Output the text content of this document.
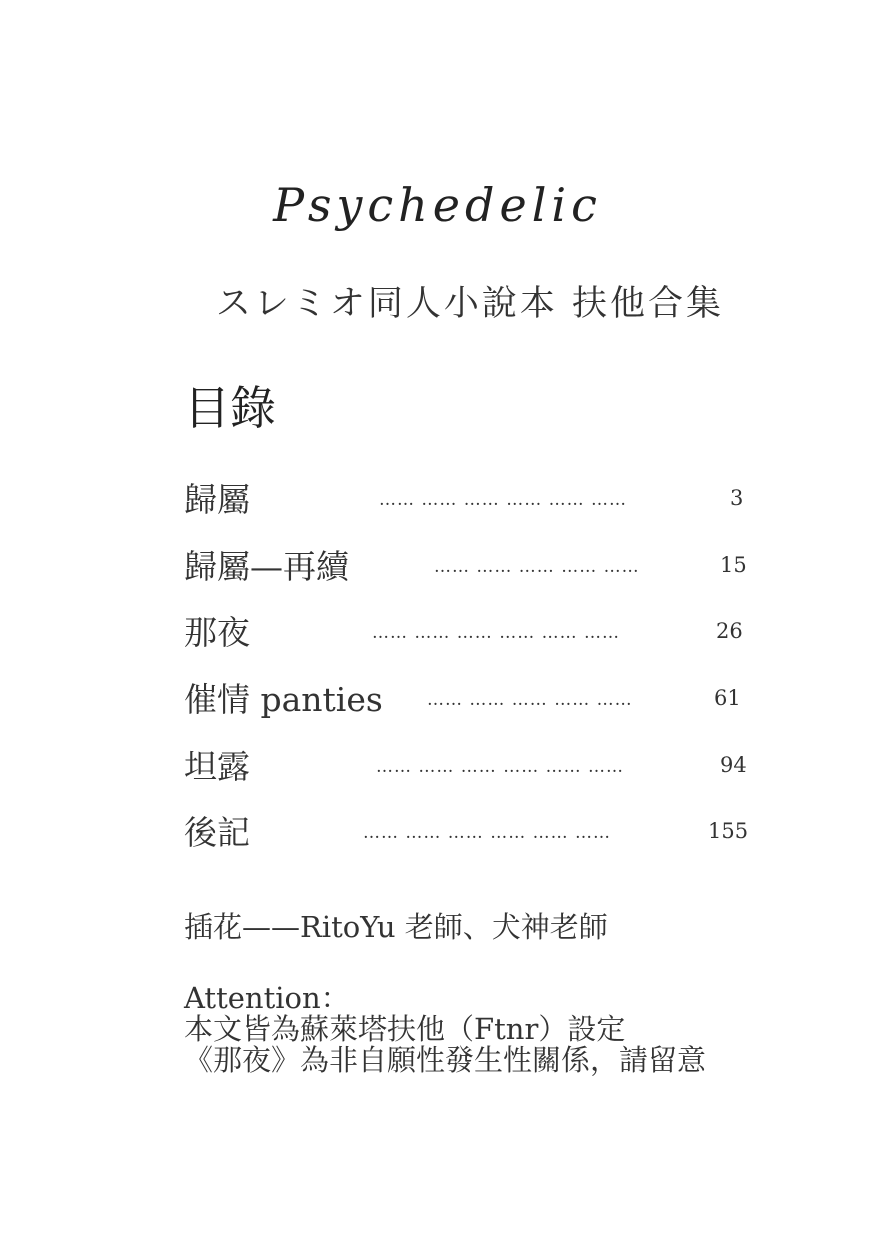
Psychedelic
スレミオ同人小說本 扶他合集
目錄
歸屬	…… …… …… …… …… ……	3
歸屬—再續	…… …… …… …… ……	15
那夜	…… …… …… …… …… ……	26
催情 panties	…… …… …… …… ……	61
坦露	…… …… …… …… …… ……	94
後記	…… …… …… …… …… ……	155
插花——RitoYu 老師、犬神老師
Attention：
本文皆為蘇萊塔扶他（Ftnr）設定
《那夜》為非自願性發生性關係，請留意
